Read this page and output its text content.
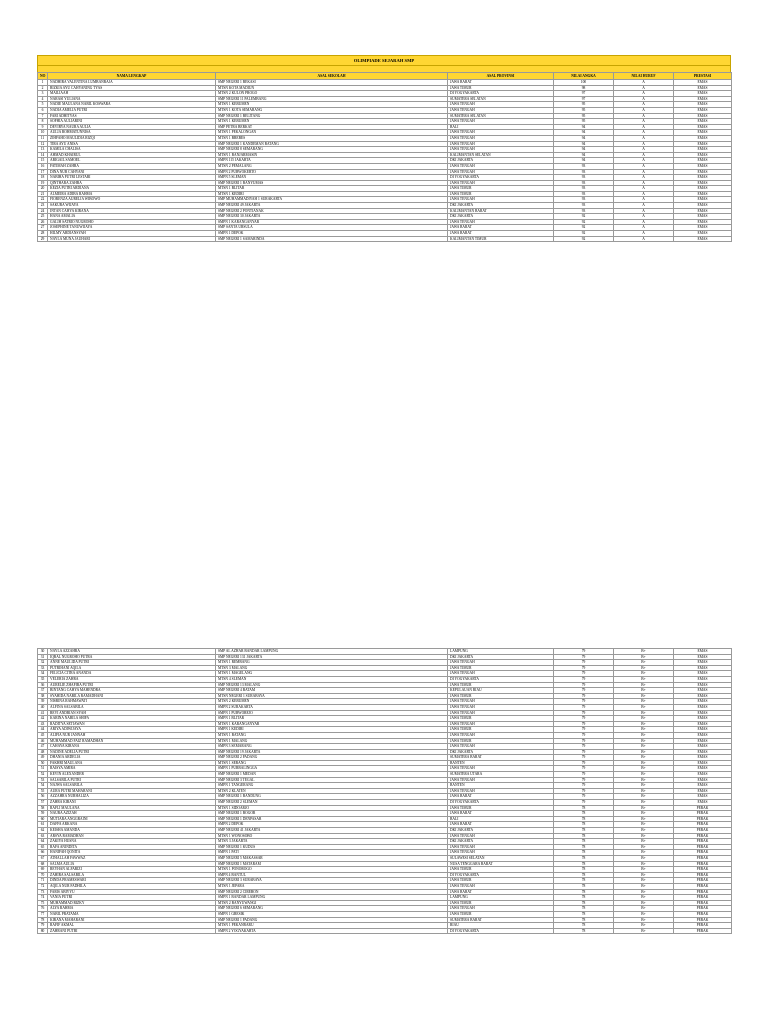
OLIMPIADE SEJARAH SMP
NO	NAMA LENGKAP	ASAL SEKOLAH	ASAL PROVINSI	NILAI ANGKA	NILAI HURUF	PRESTASI
1	NADHIRA VALENTINA LUMBANRAJA	SMP NEGERI 1 BEKASI	JAWA BARAT	100	A	EMAS
2	RIZKIA AYU CAHYANING TYAS	MTSN KOTA MADIUN	JAWA TIMUR	98	A	EMAS
3	MAILIAAH	MTSN 2 KULON PROGO	DI YOGYAKARTA	97	A	EMAS
4	NARASI YULIANA	SMP NEGERI 11 PALEMBANG	SUMATERA SELATAN	97	A	EMAS
5	NADIE MAULANA NABIL KOSWARA	MTSN 1 KEBUMEN	JAWA TENGAH	95	A	EMAS
6	NADIA AMELIA PUTRI	MTSN 1 KOTA SEMARANG	JAWA TENGAH	95	A	EMAS
7	FARI ADHITYAS	SMP NEGERI 1 BELITANG	SUMATERA SELATAN	95	A	EMAS
8	SOFHIA AULIARINI	MTSN 1 KEBUMEN	JAWA TENGAH	95	A	EMAS
9	DEVIRYA NAURA AULIA	SMP PETRA BERKAT	BALI	94	A	EMAS
10	AULIA ROHMATUNNISA	MTSN 1 PEKALONGAN	JAWA TENGAH	94	A	EMAS
11	ZIHFAHO MAULIDIA RIZQI	MTSN 1 BREBES	JAWA TENGAH	94	A	EMAS
12	TIRA AYU ANISA	SMP NEGERI 1 KANDEMAN BATANG	JAWA TENGAH	94	A	EMAS
13	KAMILA CHALISA	SMP NEGERI 8 SEMARANG	JAWA TENGAH	94	A	EMAS
14	AHMAD KHAIRUL	MTSN 1 BANJARMASIN	KALIMANTAN SELATAN	94	A	EMAS
15	ABIGAIL SAMOEL	SMPN 115 JAKARTA	DKI JAKARTA	94	A	EMAS
16	FATIMAH ZAHRA	MTSN 2 PEMALANG	JAWA TENGAH	93	A	EMAS
17	DINA NUR CAHYANI	SMPN 2 PURWOKERTO	JAWA TENGAH	93	A	EMAS
18	NABIHA PUTRI LESTARI	SMPN 5 SLEMAN	DI YOGYAKARTA	93	A	EMAS
19	QINTHARA ZAHRA	SMP NEGERI 1 BANYUMAS	JAWA TENGAH	93	A	EMAS
20	KEZIA PUTRI ARDIANA	MTSN 1 BLITAR	JAWA TIMUR	93	A	EMAS
21	ALMEIRA ADIBA RAHMA	MTSN 1 KEDIRI	JAWA TIMUR	93	A	EMAS
22	FIORENZA AURELIA WIBOWO	SMP MUHAMMADIYAH 1 SURAKARTA	JAWA TENGAH	93	A	EMAS
23	SAKURA WIJAYA	SMP NEGERI 49 JAKARTA	DKI JAKARTA	93	A	EMAS
24	INTAN CAHYA KIRANA	SMP NEGERI 2 PONTIANAK	KALIMANTAN BARAT	93	A	EMAS
25	HANA AMALIA	SMP NEGERI 30 JAKARTA	DKI JAKARTA	92	A	EMAS
26	GALIH SATRIO NUGROHO	SMPN 1 KARANGANYAR	JAWA TENGAH	92	A	EMAS
27	JOSEPHINE TANUWIJAYA	SMP SANTA URSULA	JAWA BARAT	92	A	EMAS
28	HILMY ARDIANSYAH	SMPN 1 DEPOK	JAWA BARAT	92	A	EMAS
29	NAYLA MUNA JAUHARI	SMP NEGERI 1 SAMARINDA	KALIMANTAN TIMUR	92	A	EMAS
30	NAYLA AZZAHRA	SMP AL AZHAR BANDAR LAMPUNG	LAMPUNG	79	B+	EMAS
31	IQBAL NUGROHO PUTRA	SMP NEGERI 131 JAKARTA	DKI JAKARTA	79	B+	EMAS
32	ANNE MAULIDA PUTRI	MTSN 1 REMBANG	JAWA TENGAH	79	B+	EMAS
33	PUTRIHANI AQILA	MTSN 3 MALANG	JAWA TIMUR	79	B+	EMAS
34	FELICIA CITRA ANANDA	MTSN 1 MAGELANG	JAWA TENGAH	79	B+	EMAS
35	VELERIA ZAHRA	MTSN 4 SLEMAN	DI YOGYAKARTA	79	B+	EMAS
36	AURELIE ZHAFIRA PUTRI	SMP NEGERI 13 MALANG	JAWA TIMUR	79	B+	EMAS
37	BINTANG CAHYA MAHENDRA	SMP NEGERI 4 BATAM	KEPULAUAN RIAU	79	B+	EMAS
38	SYAHIDA NABILA RAMADHANI	MTSN NEGERI 1 SURABAYA	JAWA TIMUR	79	B+	EMAS
39	NISRINA RAHMAWATI	MTSN 2 KEBUMEN	JAWA TENGAH	79	B+	EMAS
40	ALFINA SALSABILA	SMPN 2 SURAKARTA	JAWA TENGAH	79	B+	EMAS
41	REVI ANDRIAN SYAH	SMPN 1 PURWOREJO	JAWA TENGAH	79	B+	EMAS
42	KARINA NABILA SHIFA	SMPN 1 BLITAR	JAWA TIMUR	79	B+	EMAS
43	RADITYA SETIAWAN	MTSN 1 KARANGANYAR	JAWA TENGAH	79	B+	EMAS
44	ARIYA ADIWIJAYA	SMPN 1 KEDIRI	JAWA TIMUR	79	B+	EMAS
45	ALIFIA NUR JANNAH	MTSN 1 BATANG	JAWA TENGAH	79	B+	EMAS
46	MUHAMMAD FAIZ RAMADHAN	MTSN 1 MALANG	JAWA TIMUR	79	B+	EMAS
47	CAHAYA KIRANA	SMPN 3 SEMARANG	JAWA TENGAH	79	B+	EMAS
48	NADINE ADELIA PUTRI	SMP NEGERI 19 JAKARTA	DKI JAKARTA	79	B+	EMAS
49	DHANIA ARDELIA	SMP NEGERI 2 PADANG	SUMATERA BARAT	79	B+	EMAS
50	FAKHRI MAULANA	MTSN 1 SERANG	BANTEN	79	B+	EMAS
51	RAISYA AMIRA	SMPN 1 PURBALINGGA	JAWA TENGAH	79	B+	EMAS
52	KEVIN ALEXANDER	SMP NEGERI 1 MEDAN	SUMATERA UTARA	79	B+	EMAS
53	SALSABILA PUTRI	SMP NEGERI 3 TEGAL	JAWA TENGAH	79	B+	EMAS
54	NAJWA SALSABILA	SMPN 1 TANGERANG	BANTEN	79	B+	EMAS
55	AURA PUTRI MAHARANI	MTSN 2 KLATEN	JAWA TENGAH	79	B+	EMAS
56	AZZAHRA NURHALIZA	SMP NEGERI 1 BANDUNG	JAWA BARAT	79	B+	EMAS
57	ZAHRA KIRANI	SMP NEGERI 2 SLEMAN	DI YOGYAKARTA	79	B+	EMAS
58	RAFLI MAULANA	MTSN 1 SIDOARJO	JAWA TIMUR	78	B+	PERAK
59	NAURA AZIZAH	SMP NEGERI 1 BOGOR	JAWA BARAT	78	B+	PERAK
60	MUTIARA ANGGRAINI	SMP NEGERI 1 DENPASAR	BALI	78	B+	PERAK
61	DAFFA ARKANA	SMPN 2 DEPOK	JAWA BARAT	78	B+	PERAK
62	KEISHA AMANDA	SMP NEGERI 41 JAKARTA	DKI JAKARTA	78	B+	PERAK
63	ARSYA RAMADHAN	MTSN 1 WONOSOBO	JAWA TENGAH	78	B+	PERAK
64	ZAKIYA HUSNA	MTSN 3 JAKARTA	DKI JAKARTA	78	B+	PERAK
65	RAFA ANINDITA	SMP NEGERI 1 KUDUS	JAWA TENGAH	78	B+	PERAK
66	HANIFAH QONITA	SMPN 1 PATI	JAWA TENGAH	78	B+	PERAK
67	ATHALLAH FAWWAZ	SMP NEGERI 5 MAKASSAR	SULAWESI SELATAN	78	B+	PERAK
68	SALMA AULIA	SMP NEGERI 1 MATARAM	NUSA TENGGARA BARAT	78	B+	PERAK
69	REYHAN ALFARIZI	MTSN 1 PONOROGO	JAWA TIMUR	78	B+	PERAK
70	ZAHIRA SALSABILA	SMPN 4 BANTUL	DI YOGYAKARTA	78	B+	PERAK
71	DINDA PRAMESWARI	SMP NEGERI 3 SURABAYA	JAWA TIMUR	78	B+	PERAK
72	AQILA NUR FADHILA	MTSN 1 JEPARA	JAWA TENGAH	78	B+	PERAK
73	FARIS ABIYYU	SMP NEGERI 2 CIREBON	JAWA BARAT	78	B+	PERAK
74	VANIA PUTRI	SMPN 1 BANDAR LAMPUNG	LAMPUNG	78	B+	PERAK
75	MUHAMMAD RIZKY	MTSN 2 BANYUWANGI	JAWA TIMUR	78	B+	PERAK
76	ALYA RAHMA	SMP NEGERI 6 SEMARANG	JAWA TENGAH	78	B+	PERAK
77	NABIL PRATAMA	SMPN 1 GRESIK	JAWA TIMUR	78	B+	PERAK
78	KIRANA MAHARANI	SMP NEGERI 1 PADANG	SUMATERA BARAT	78	B+	PERAK
79	RAFIF AKMAL	MTSN 1 PEKANBARU	RIAU	78	B+	PERAK
80	ZAHRANI PUTRI	SMPN 2 YOGYAKARTA	DI YOGYAKARTA	78	B+	PERAK
